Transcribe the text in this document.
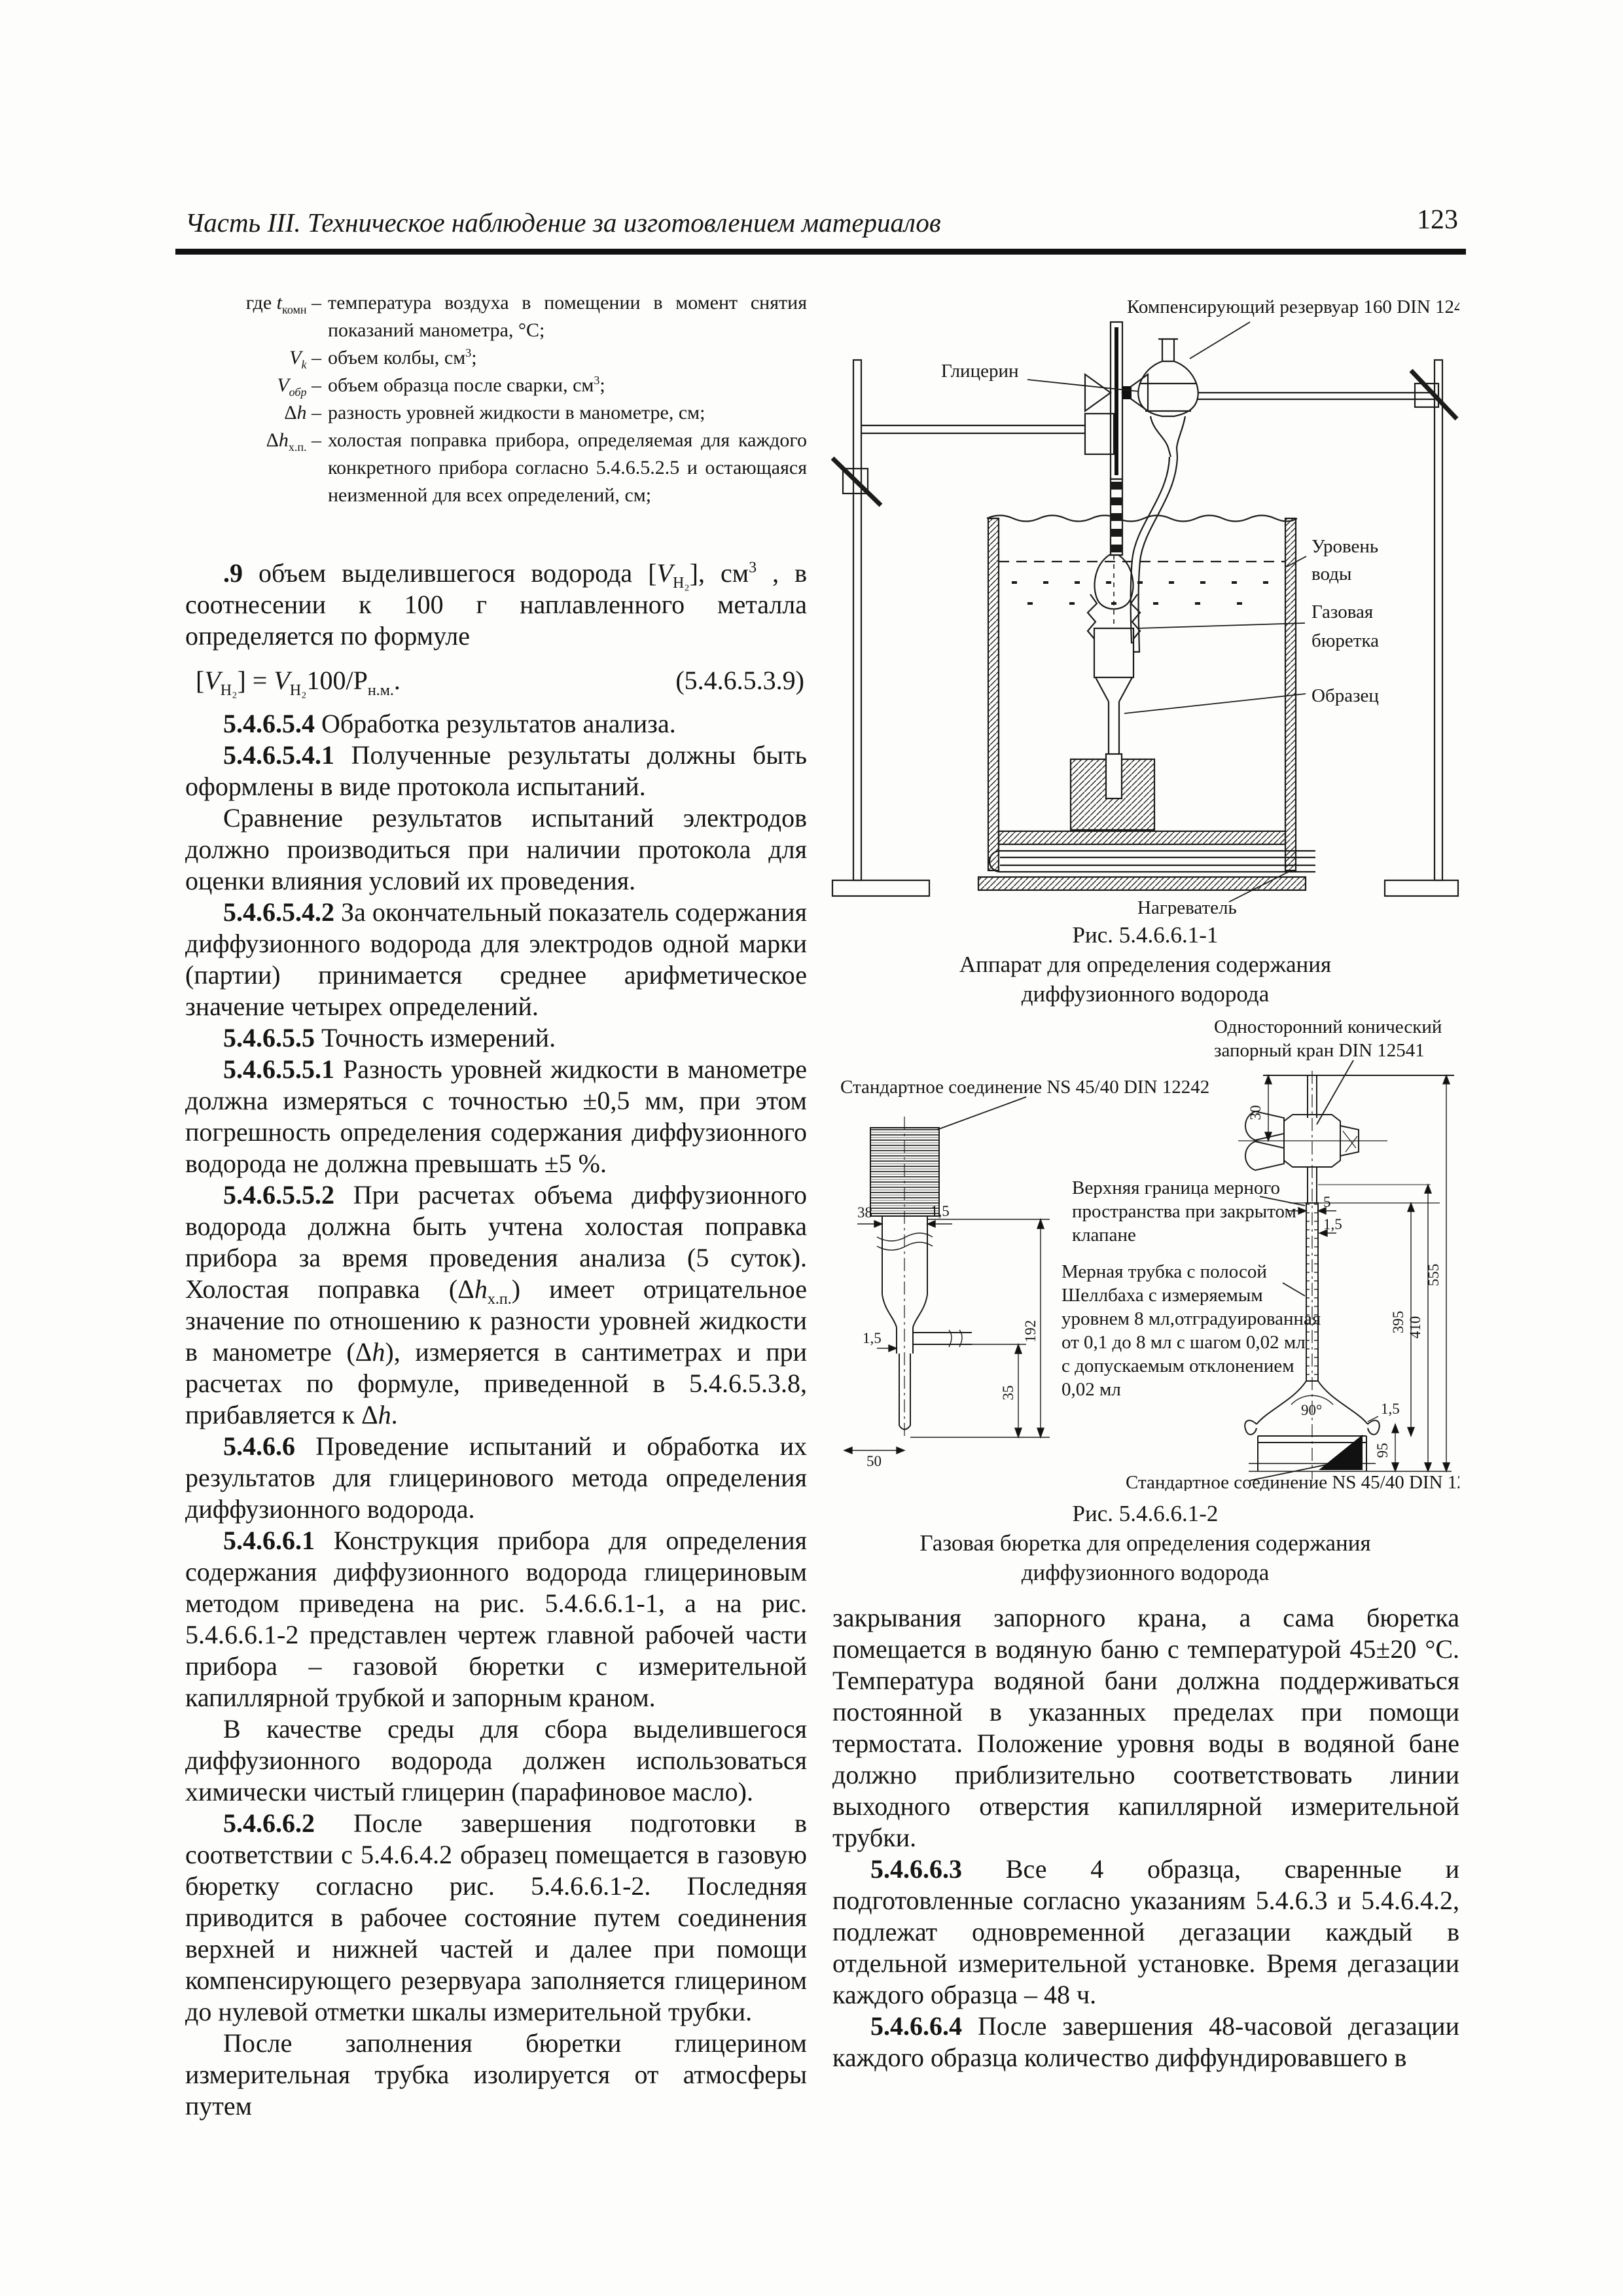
Часть III. Техническое наблюдение за изготовлением материалов	123
где $t_{комн}$ – температура воздуха в помещении в момент снятия показаний манометра, °С;
$V_k$ – объем колбы, $см^3$;
$V_{обр}$ – объем образца после сварки, $см^3$;
Δh – разность уровней жидкости в манометре, см;
$\Delta h_{х.п.}$ – холостая поправка прибора, определяемая для каждого конкретного прибора согласно 5.4.6.5.2.5 и остающаяся неизменной для всех определений, см;

.9 объем выделившегося водорода $[V_{Н_2}]$, $см^3$ , в соотнесении к 100 г наплавленного металла определяется по формуле

$[V_{Н_2}] = V_{Н_2}100/Р_{н.м.}$.	(5.4.6.5.3.9)

5.4.6.5.4 Обработка результатов анализа.

5.4.6.5.4.1 Полученные результаты должны быть оформлены в виде протокола испытаний.

Сравнение результатов испытаний электродов должно производиться при наличии протокола для оценки влияния условий их проведения.

5.4.6.5.4.2 За окончательный показатель содержания диффузионного водорода для электродов одной марки (партии) принимается среднее арифметическое значение четырех определений.

5.4.6.5.5 Точность измерений.

5.4.6.5.5.1 Разность уровней жидкости в манометре должна измеряться с точностью ±0,5 мм, при этом погрешность определения содержания диффузионного водорода не должна превышать ±5 %.

5.4.6.5.5.2 При расчетах объема диффузионного водорода должна быть учтена холостая поправка прибора за время проведения анализа (5 суток). Холостая поправка $(\Delta h_{х.п.})$ имеет отрицательное значение по отношению к разности уровней жидкости в манометре (Δh), измеряется в сантиметрах и при расчетах по формуле, приведенной в 5.4.6.5.3.8, прибавляется к Δh.

5.4.6.6 Проведение испытаний и обработка их результатов для глицеринового метода определения диффузионного водорода.

5.4.6.6.1 Конструкция прибора для определения содержания диффузионного водорода глицериновым методом приведена на рис. 5.4.6.6.1-1, а на рис. 5.4.6.6.1-2 представлен чертеж главной рабочей части прибора – газовой бюретки с измерительной капиллярной трубкой и запорным краном.

В качестве среды для сбора выделившегося диффузионного водорода должен использоваться химически чистый глицерин (парафиновое масло).

5.4.6.6.2 После завершения подготовки в соответствии с 5.4.6.4.2 образец помещается в газовую бюретку согласно рис. 5.4.6.6.1-2. Последняя приводится в рабочее состояние путем соединения верхней и нижней частей и далее при помощи компенсирующего резервуара заполняется глицерином до нулевой отметки шкалы измерительной трубки.

После заполнения бюретки глицерином измерительная трубка изолируется от атмосферы путем

Компенсирующий резервуар 160 DIN 12472
Глицерин
Уровень
воды
Газовая
бюретка
Образец
Нагреватель
Рис. 5.4.6.6.1-1
Аппарат для определения содержания
диффузионного водорода
Односторонний конический
запорный кран DIN 12541
Стандартное соединение NS 45/40 DIN 12242
Верхняя граница мерного
пространства при закрытом
клапане
Мерная трубка с полосой
Шеллбаха с измеряемым
уровнем 8 мл,отградуированная
от 0,1 до 8 мл с шагом 0,02 мл
с допускаемым отклонением
0,02 мл
Стандартное соединение NS 45/40 DIN 12242
38	1,5
192
35
1,5
50
30
5
1,5
395 410
555
90°
95
1,5
Рис. 5.4.6.6.1-2
Газовая бюретка для определения содержания
диффузионного водорода

закрывания запорного крана, а сама бюретка помещается в водяную баню с температурой 45±20 °С. Температура водяной бани должна поддерживаться постоянной в указанных пределах при помощи термостата. Положение уровня воды в водяной бане должно приблизительно соответствовать линии выходного отверстия капиллярной измерительной трубки.

5.4.6.6.3 Все 4 образца, сваренные и подготовленные согласно указаниям 5.4.6.3 и 5.4.6.4.2, подлежат одновременной дегазации каждый в отдельной измерительной установке. Время дегазации каждого образца – 48 ч.

5.4.6.6.4 После завершения 48-часовой дегазации каждого образца количество диффундировавшего в
